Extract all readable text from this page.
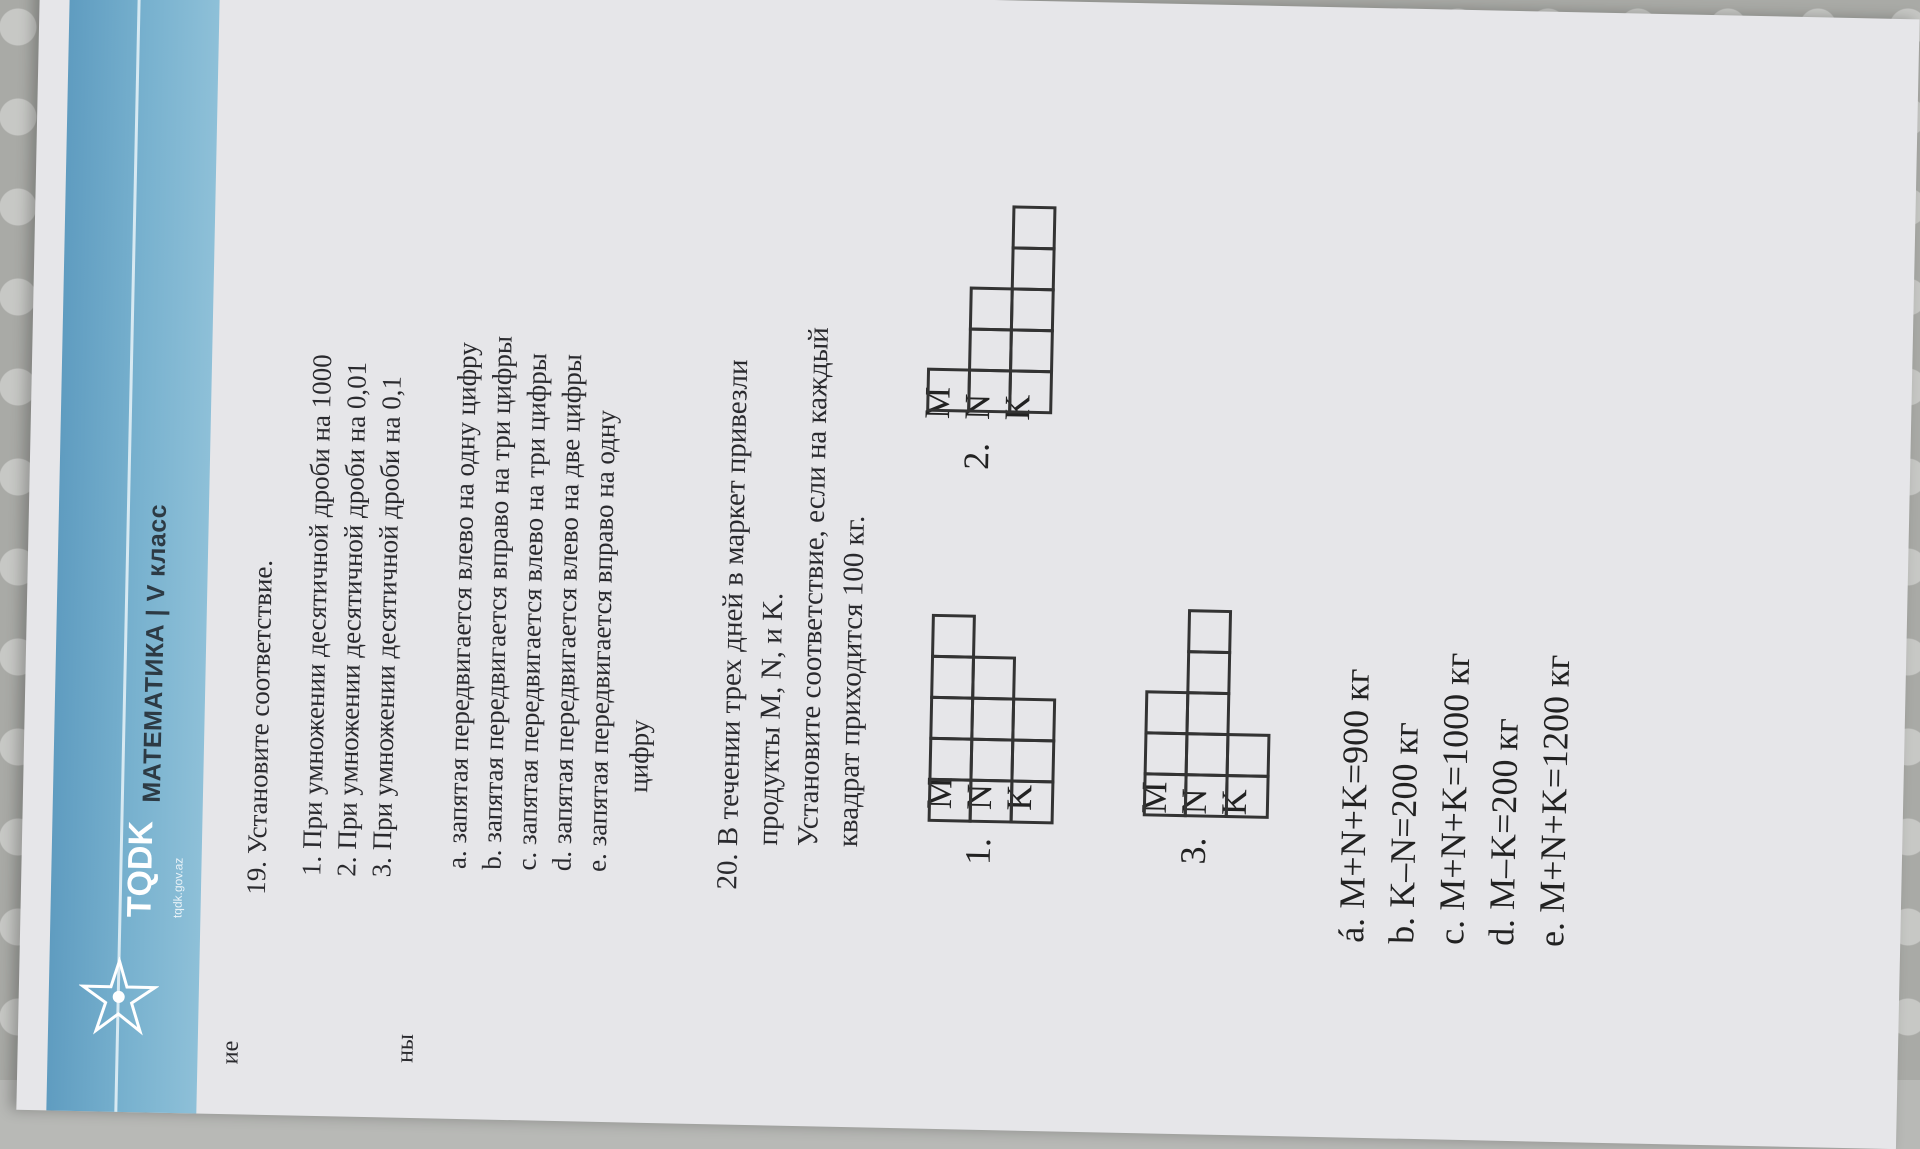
ТQDK tqdk.gov.az
МАТЕМАТИКА | V класс
ие	ны
19. Установите соответствие. 1. При умножении десятичной дроби на 1000
2. При умножении десятичной дроби на 0,01
3. При умножении десятичной дроби на 0,1 a. запятая передвигается влево на одну цифру
b. запятая передвигается вправо на три цифры
c. запятая передвигается влево на три цифры
d. запятая передвигается влево на две цифры
e. запятая передвигается вправо на одну цифру 20. В течении трех дней в маркет привезли
продукты M, N, и K. Установите соответствие, если на каждый
квадрат приходится 100 кг.
1.
M N K
2.
M N K
3.
M N K á. M+N+K=900 кг b. K–N=200 кг c. M+N+K=1000 кг d. M–K=200 кг e. M+N+K=1200 кг
